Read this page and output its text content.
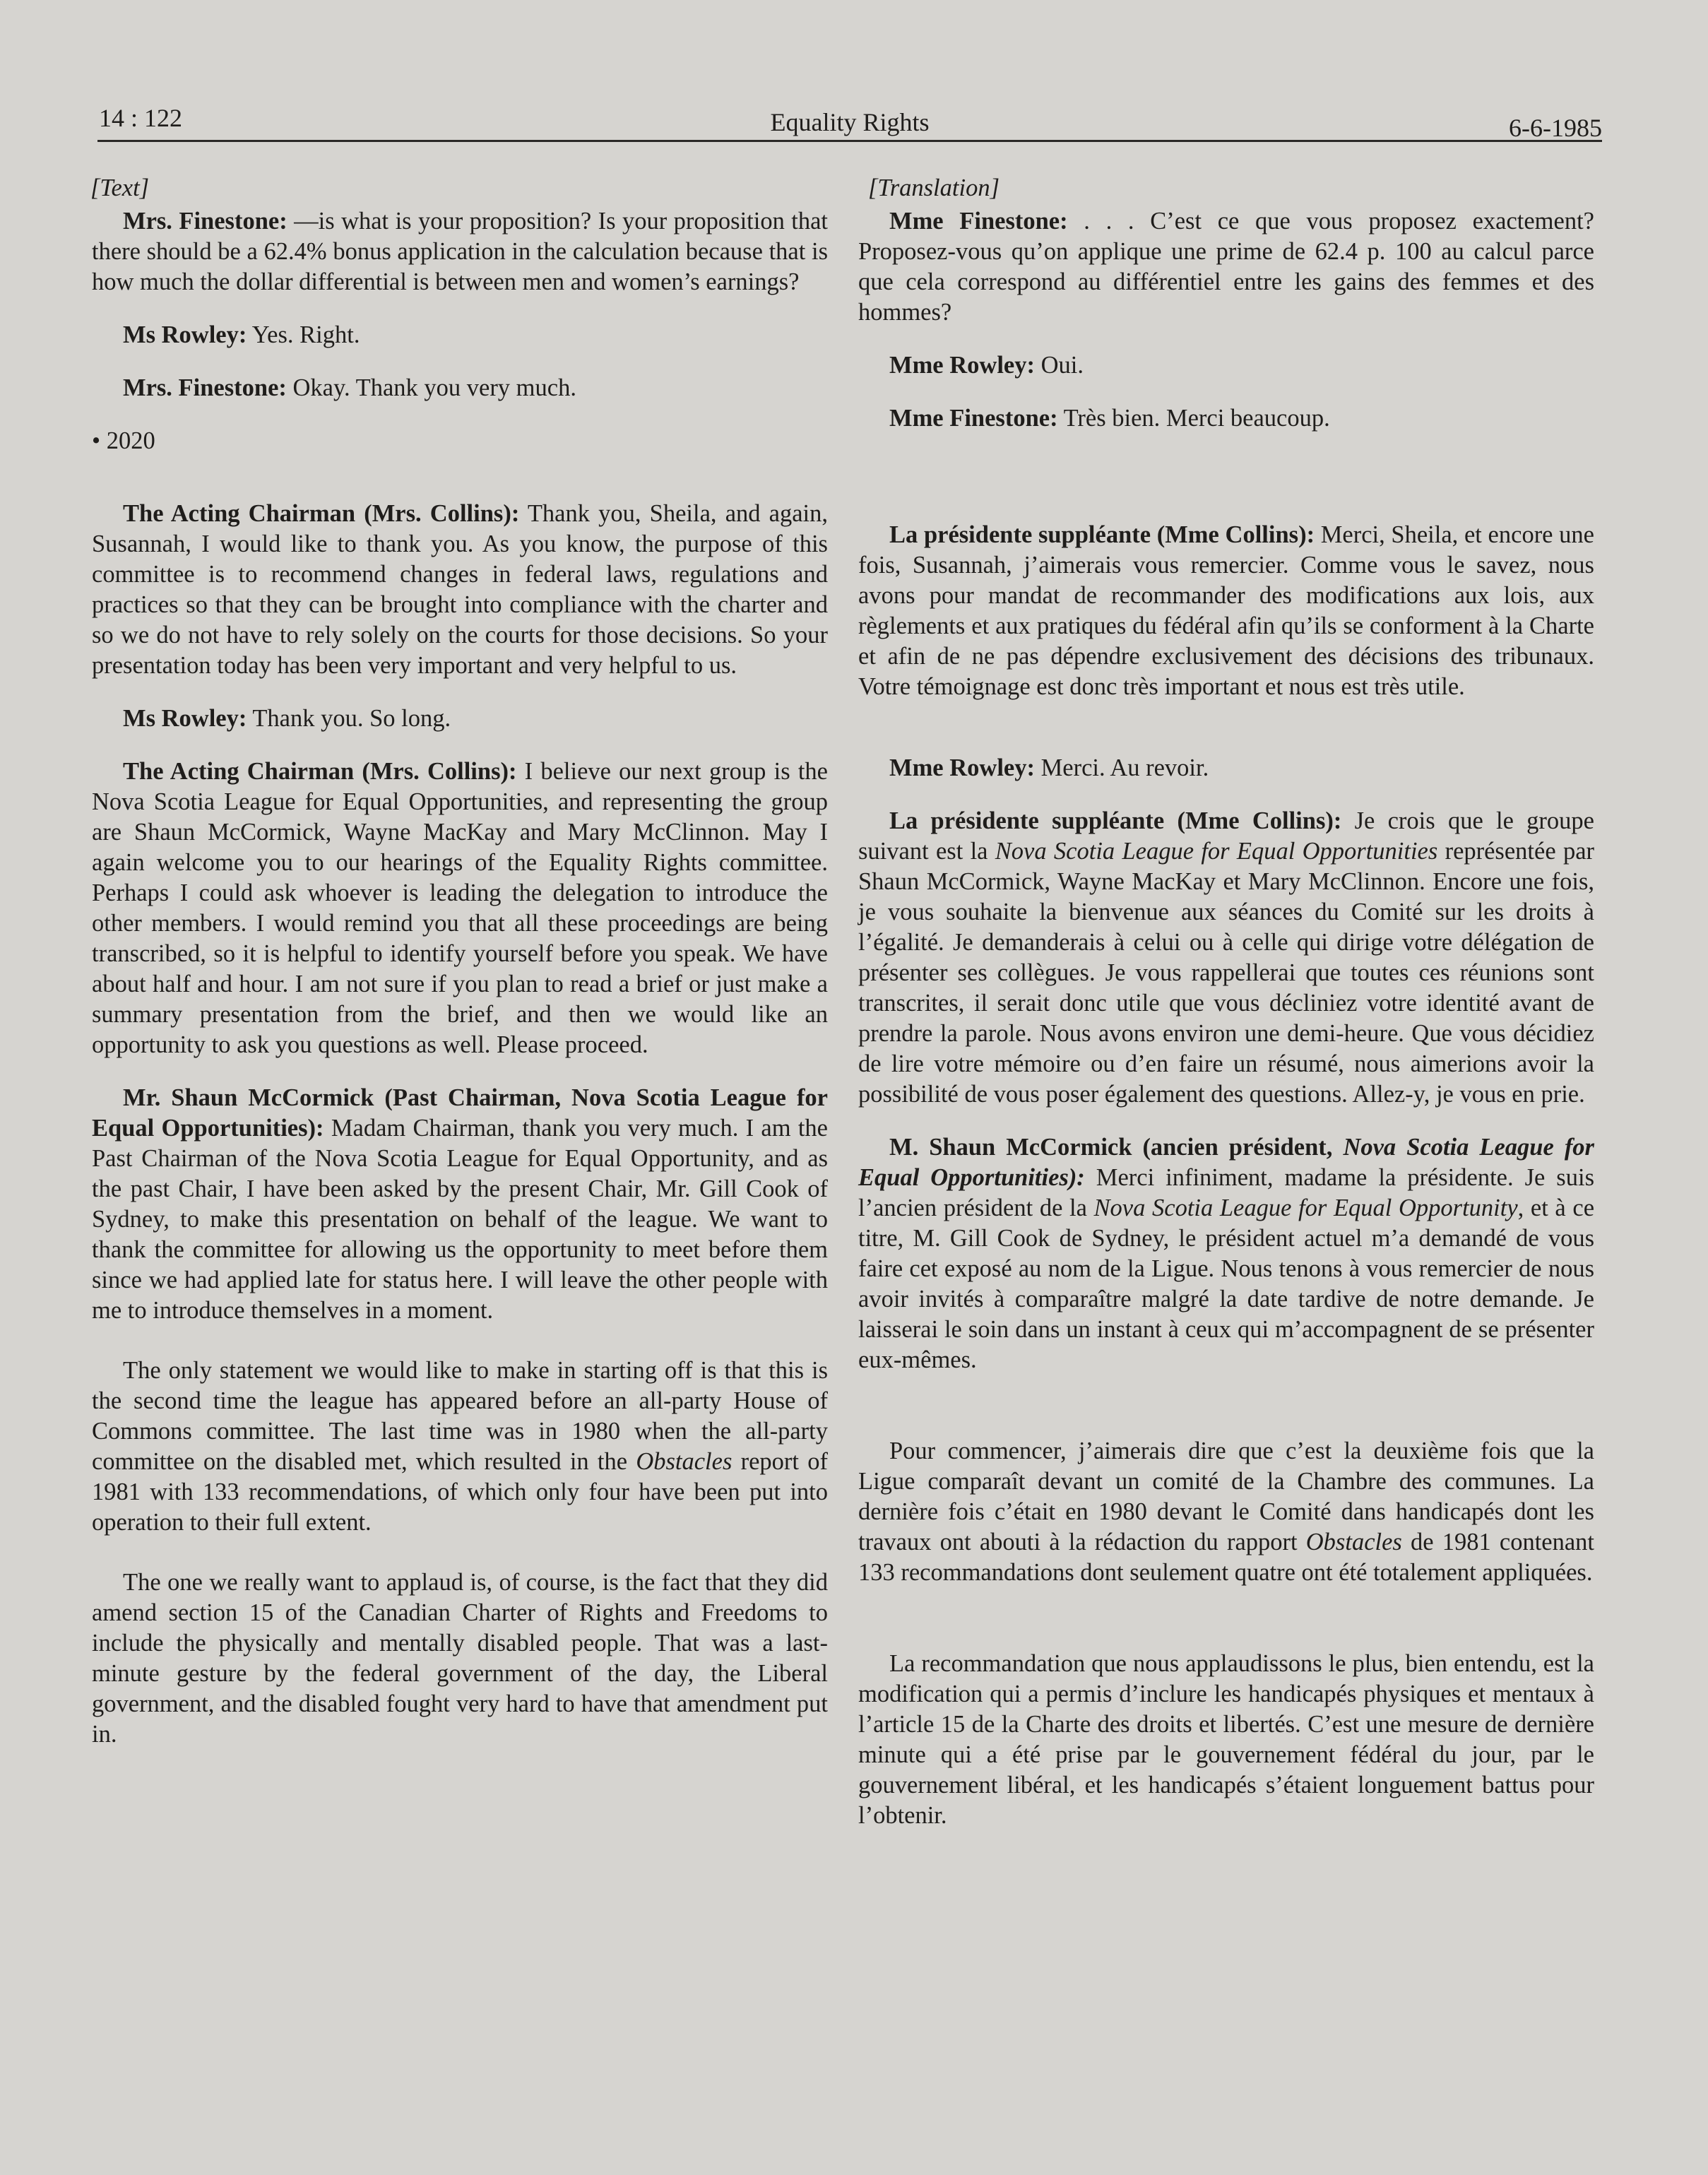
14 : 122	Equality Rights	6-6-1985

[Text]

Mrs. Finestone: —is what is your proposition? Is your proposition that there should be a 62.4% bonus application in the calculation because that is how much the dollar differential is between men and women’s earnings?

Ms Rowley: Yes. Right.

Mrs. Finestone: Okay. Thank you very much.

• 2020

The Acting Chairman (Mrs. Collins): Thank you, Sheila, and again, Susannah, I would like to thank you. As you know, the purpose of this committee is to recommend changes in federal laws, regulations and practices so that they can be brought into compliance with the charter and so we do not have to rely solely on the courts for those decisions. So your presentation today has been very important and very helpful to us.

Ms Rowley: Thank you. So long.

The Acting Chairman (Mrs. Collins): I believe our next group is the Nova Scotia League for Equal Opportunities, and representing the group are Shaun McCormick, Wayne MacKay and Mary McClinnon. May I again welcome you to our hearings of the Equality Rights committee. Perhaps I could ask whoever is leading the delegation to introduce the other members. I would remind you that all these proceedings are being transcribed, so it is helpful to identify yourself before you speak. We have about half and hour. I am not sure if you plan to read a brief or just make a summary presentation from the brief, and then we would like an opportunity to ask you questions as well. Please proceed.

Mr. Shaun McCormick (Past Chairman, Nova Scotia League for Equal Opportunities): Madam Chairman, thank you very much. I am the Past Chairman of the Nova Scotia League for Equal Opportunity, and as the past Chair, I have been asked by the present Chair, Mr. Gill Cook of Sydney, to make this presentation on behalf of the league. We want to thank the committee for allowing us the opportunity to meet before them since we had applied late for status here. I will leave the other people with me to introduce themselves in a moment.

The only statement we would like to make in starting off is that this is the second time the league has appeared before an all-party House of Commons committee. The last time was in 1980 when the all-party committee on the disabled met, which resulted in the Obstacles report of 1981 with 133 recommendations, of which only four have been put into operation to their full extent.

The one we really want to applaud is, of course, is the fact that they did amend section 15 of the Canadian Charter of Rights and Freedoms to include the physically and mentally disabled people. That was a last-minute gesture by the federal government of the day, the Liberal government, and the disabled fought very hard to have that amendment put in.

[Translation]

Mme Finestone: . . . C’est ce que vous proposez exactement? Proposez-vous qu’on applique une prime de 62.4 p. 100 au calcul parce que cela correspond au différentiel entre les gains des femmes et des hommes?

Mme Rowley: Oui.

Mme Finestone: Très bien. Merci beaucoup.

La présidente suppléante (Mme Collins): Merci, Sheila, et encore une fois, Susannah, j’aimerais vous remercier. Comme vous le savez, nous avons pour mandat de recommander des modifications aux lois, aux règlements et aux pratiques du fédéral afin qu’ils se conforment à la Charte et afin de ne pas dépendre exclusivement des décisions des tribunaux. Votre témoignage est donc très important et nous est très utile.

Mme Rowley: Merci. Au revoir.

La présidente suppléante (Mme Collins): Je crois que le groupe suivant est la Nova Scotia League for Equal Opportunities représentée par Shaun McCormick, Wayne MacKay et Mary McClinnon. Encore une fois, je vous souhaite la bienvenue aux séances du Comité sur les droits à l’égalité. Je demanderais à celui ou à celle qui dirige votre délégation de présenter ses collègues. Je vous rappellerai que toutes ces réunions sont transcrites, il serait donc utile que vous décliniez votre identité avant de prendre la parole. Nous avons environ une demi-heure. Que vous décidiez de lire votre mémoire ou d’en faire un résumé, nous aimerions avoir la possibilité de vous poser également des questions. Allez-y, je vous en prie.

M. Shaun McCormick (ancien président, Nova Scotia League for Equal Opportunities): Merci infiniment, madame la présidente. Je suis l’ancien président de la Nova Scotia League for Equal Opportunity, et à ce titre, M. Gill Cook de Sydney, le président actuel m’a demandé de vous faire cet exposé au nom de la Ligue. Nous tenons à vous remercier de nous avoir invités à comparaître malgré la date tardive de notre demande. Je laisserai le soin dans un instant à ceux qui m’accompagnent de se présenter eux-mêmes.

Pour commencer, j’aimerais dire que c’est la deuxième fois que la Ligue comparaît devant un comité de la Chambre des communes. La dernière fois c’était en 1980 devant le Comité dans handicapés dont les travaux ont abouti à la rédaction du rapport Obstacles de 1981 contenant 133 recommandations dont seulement quatre ont été totalement appliquées.

La recommandation que nous applaudissons le plus, bien entendu, est la modification qui a permis d’inclure les handicapés physiques et mentaux à l’article 15 de la Charte des droits et libertés. C’est une mesure de dernière minute qui a été prise par le gouvernement fédéral du jour, par le gouvernement libéral, et les handicapés s’étaient longuement battus pour l’obtenir.
